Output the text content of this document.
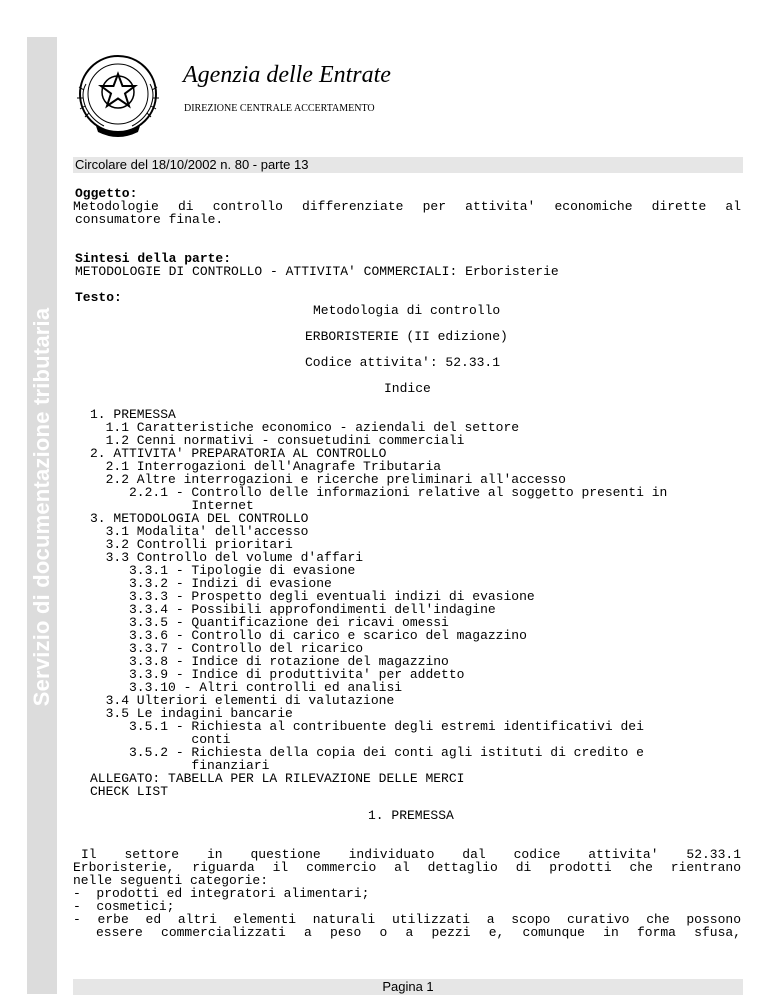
Servizio di documentazione tributaria
Agenzia delle Entrate
DIREZIONE CENTRALE ACCERTAMENTO
Circolare del 18/10/2002 n. 80 - parte 13
Oggetto:
Metodologie di controllo differenziate per attivita' economiche dirette al
consumatore finale.
Sintesi della parte:
METODOLOGIE DI CONTROLLO - ATTIVITA' COMMERCIALI: Erboristerie
Testo:
Metodologia di controllo
ERBORISTERIE (II edizione)
Codice attivita': 52.33.1
Indice
1. PREMESSA
1.1 Caratteristiche economico - aziendali del settore
1.2 Cenni normativi - consuetudini commerciali
2. ATTIVITA' PREPARATORIA AL CONTROLLO
2.1 Interrogazioni dell'Anagrafe Tributaria
2.2 Altre interrogazioni e ricerche preliminari all'accesso
2.2.1 - Controllo delle informazioni relative al soggetto presenti in
Internet
3. METODOLOGIA DEL CONTROLLO
3.1 Modalita' dell'accesso
3.2 Controlli prioritari
3.3 Controllo del volume d'affari
3.3.1 - Tipologie di evasione
3.3.2 - Indizi di evasione
3.3.3 - Prospetto degli eventuali indizi di evasione
3.3.4 - Possibili approfondimenti dell'indagine
3.3.5 - Quantificazione dei ricavi omessi
3.3.6 - Controllo di carico e scarico del magazzino
3.3.7 - Controllo del ricarico
3.3.8 - Indice di rotazione del magazzino
3.3.9 - Indice di produttivita' per addetto
3.3.10 - Altri controlli ed analisi
3.4 Ulteriori elementi di valutazione
3.5 Le indagini bancarie
3.5.1 - Richiesta al contribuente degli estremi identificativi dei
conti
3.5.2 - Richiesta della copia dei conti agli istituti di credito e
finanziari
ALLEGATO: TABELLA PER LA RILEVAZIONE DELLE MERCI
CHECK LIST
1. PREMESSA
Il settore in questione individuato dal codice attivita' 52.33.1
Erboristerie, riguarda il commercio al dettaglio di prodotti che rientrano
nelle seguenti categorie:
-  prodotti ed integratori alimentari;
-  cosmetici;
- erbe ed altri elementi naturali utilizzati a scopo curativo che possono
essere commercializzati a peso o a pezzi e, comunque in forma sfusa,
Pagina 1
